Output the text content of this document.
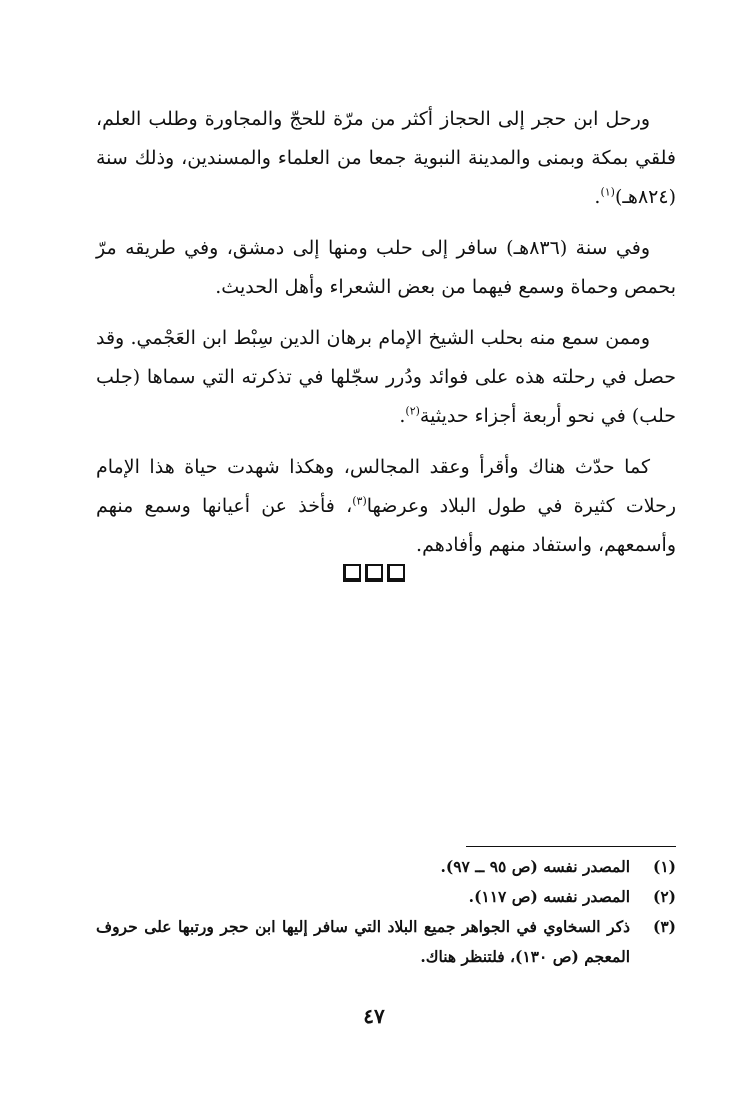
ورحل ابن حجر إلى الحجاز أكثر من مرّة للحجّ والمجاورة وطلب العلم، فلقي بمكة وبمنى والمدينة النبوية جمعا من العلماء والمسندين، وذلك سنة (٨٢٤هـ)$^{(١)}$.

وفي سنة (٨٣٦هـ) سافر إلى حلب ومنها إلى دمشق، وفي طريقه مرّ بحمص وحماة وسمع فيهما من بعض الشعراء وأهل الحديث.

وممن سمع منه بحلب الشيخ الإمام برهان الدين سِبْط ابن العَجْمي. وقد حصل في رحلته هذه على فوائد ودُرر سجّلها في تذكرته التي سماها (جلب حلب) في نحو أربعة أجزاء حديثية$^{(٢)}$.

كما حدّث هناك وأقرأ وعقد المجالس، وهكذا شهدت حياة هذا الإمام رحلات كثيرة في طول البلاد وعرضها$^{(٣)}$، فأخذ عن أعيانها وسمع منهم وأسمعهم، واستفاد منهم وأفادهم.

(١)
المصدر نفسه (ص ٩٥ ــ ٩٧).

(٢)
المصدر نفسه (ص ١١٧).

(٣)
ذكر السخاوي في الجواهر جميع البلاد التي سافر إليها ابن حجر ورتبها على حروف المعجم (ص ١٣٠)، فلتنظر هناك.

٤٧
